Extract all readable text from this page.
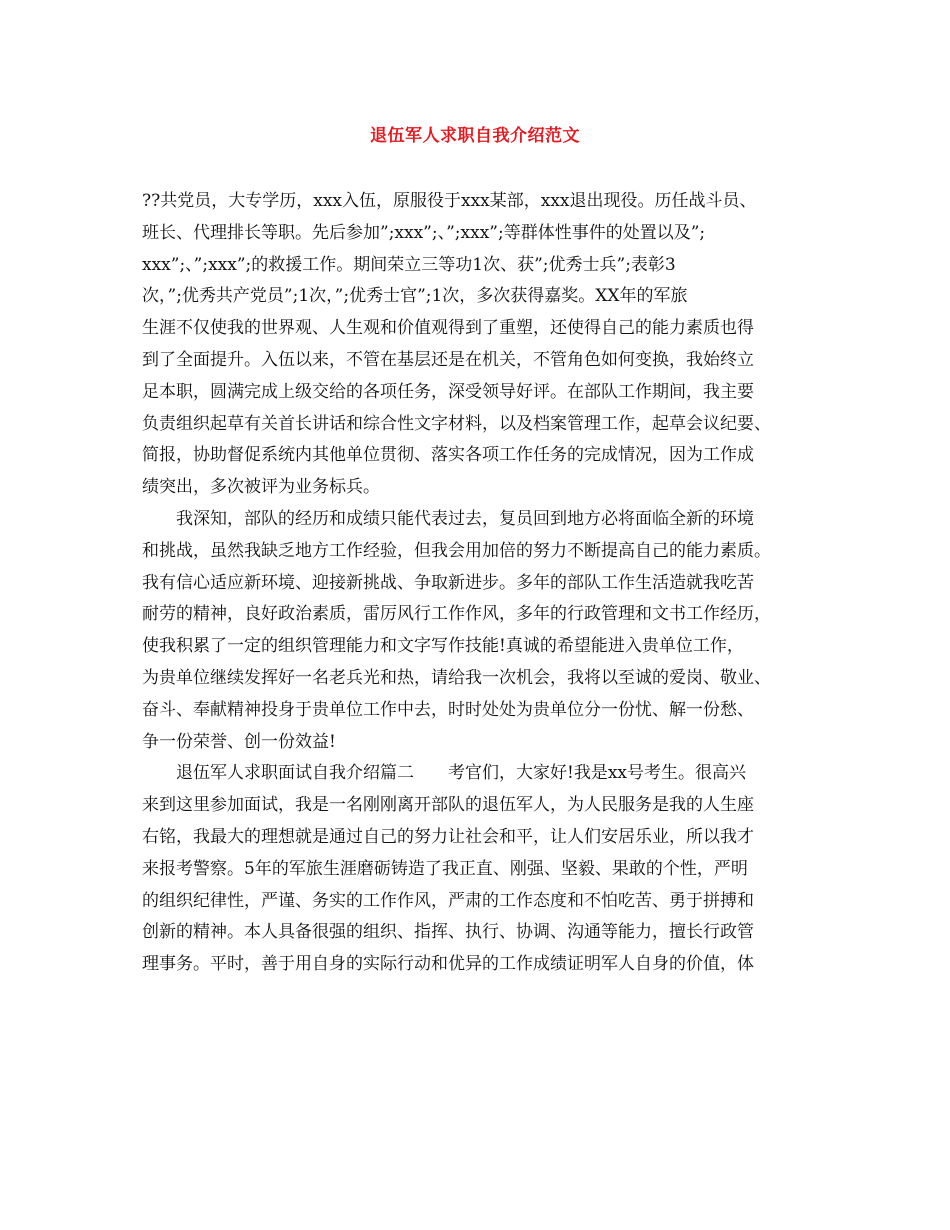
退伍军人求职自我介绍范文
??共党员，大专学历，xxx入伍，原服役于xxx某部，xxx退出现役。历任战斗员、
班长、代理排长等职。先后参加”;xxx”;、”;xxx”;等群体性事件的处置以及”;
xxx”;、”;xxx”;的救援工作。期间荣立三等功1次、获”;优秀士兵”;表彰3
次，”;优秀共产党员”;1次，”;优秀士官”;1次，多次获得嘉奖。XX年的军旅
生涯不仅使我的世界观、人生观和价值观得到了重塑，还使得自己的能力素质也得
到了全面提升。入伍以来，不管在基层还是在机关，不管角色如何变换，我始终立
足本职，圆满完成上级交给的各项任务，深受领导好评。在部队工作期间，我主要
负责组织起草有关首长讲话和综合性文字材料，以及档案管理工作，起草会议纪要、
简报，协助督促系统内其他单位贯彻、落实各项工作任务的完成情况，因为工作成
绩突出，多次被评为业务标兵。
我深知，部队的经历和成绩只能代表过去，复员回到地方必将面临全新的环境
和挑战，虽然我缺乏地方工作经验，但我会用加倍的努力不断提高自己的能力素质。
我有信心适应新环境、迎接新挑战、争取新进步。多年的部队工作生活造就我吃苦
耐劳的精神，良好政治素质，雷厉风行工作作风，多年的行政管理和文书工作经历，
使我积累了一定的组织管理能力和文字写作技能!真诚的希望能进入贵单位工作，
为贵单位继续发挥好一名老兵光和热，请给我一次机会，我将以至诚的爱岗、敬业、
奋斗、奉献精神投身于贵单位工作中去，时时处处为贵单位分一份忧、解一份愁、
争一份荣誉、创一份效益!
退伍军人求职面试自我介绍篇二　　考官们，大家好!我是xx号考生。很高兴
来到这里参加面试，我是一名刚刚离开部队的退伍军人，为人民服务是我的人生座
右铭，我最大的理想就是通过自己的努力让社会和平，让人们安居乐业，所以我才
来报考警察。5年的军旅生涯磨砺铸造了我正直、刚强、坚毅、果敢的个性，严明
的组织纪律性，严谨、务实的工作作风，严肃的工作态度和不怕吃苦、勇于拼搏和
创新的精神。本人具备很强的组织、指挥、执行、协调、沟通等能力，擅长行政管
理事务。平时，善于用自身的实际行动和优异的工作成绩证明军人自身的价值，体
